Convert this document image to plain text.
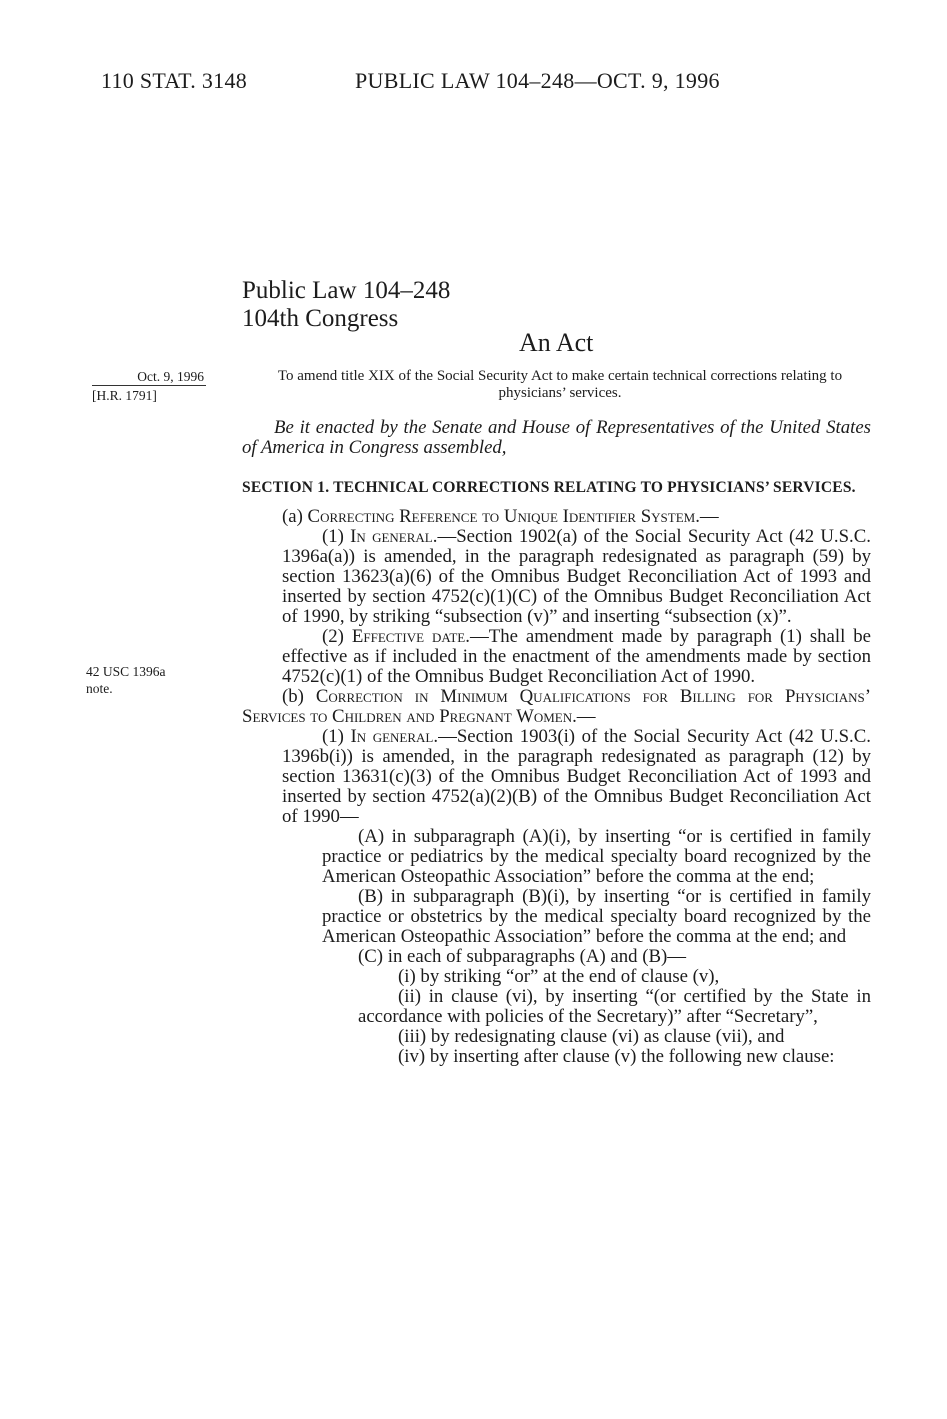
110 STAT. 3148	PUBLIC LAW 104–248—OCT. 9, 1996
Public Law 104–248
104th Congress
An Act
Oct. 9, 1996
[H.R. 1791]
42 USC 1396a
note.
To amend title XIX of the Social Security Act to make certain technical corrections relating to physicians’ services.

Be it enacted by the Senate and House of Representatives of the United States of America in Congress assembled,

SECTION 1. TECHNICAL CORRECTIONS RELATING TO PHYSICIANS’ SERVICES.

(a) Correcting Reference to Unique Identifier System.—

(1) In general.—Section 1902(a) of the Social Security Act (42 U.S.C. 1396a(a)) is amended, in the paragraph redesignated as paragraph (59) by section 13623(a)(6) of the Omnibus Budget Reconciliation Act of 1993 and inserted by section 4752(c)(1)(C) of the Omnibus Budget Reconciliation Act of 1990, by striking “subsection (v)” and inserting “subsection (x)”.

(2) Effective date.—The amendment made by paragraph (1) shall be effective as if included in the enactment of the amendments made by section 4752(c)(1) of the Omnibus Budget Reconciliation Act of 1990.

(b) Correction in Minimum Qualifications for Billing for Physicians’ Services to Children and Pregnant Women.—

(1) In general.—Section 1903(i) of the Social Security Act (42 U.S.C. 1396b(i)) is amended, in the paragraph redesignated as paragraph (12) by section 13631(c)(3) of the Omnibus Budget Reconciliation Act of 1993 and inserted by section 4752(a)(2)(B) of the Omnibus Budget Reconciliation Act of 1990—

(A) in subparagraph (A)(i), by inserting “or is certified in family practice or pediatrics by the medical specialty board recognized by the American Osteopathic Association” before the comma at the end;

(B) in subparagraph (B)(i), by inserting “or is certified in family practice or obstetrics by the medical specialty board recognized by the American Osteopathic Association” before the comma at the end; and

(C) in each of subparagraphs (A) and (B)—

(i) by striking “or” at the end of clause (v),

(ii) in clause (vi), by inserting “(or certified by the State in accordance with policies of the Secretary)” after “Secretary”,

(iii) by redesignating clause (vi) as clause (vii), and

(iv) by inserting after clause (v) the following new clause:
